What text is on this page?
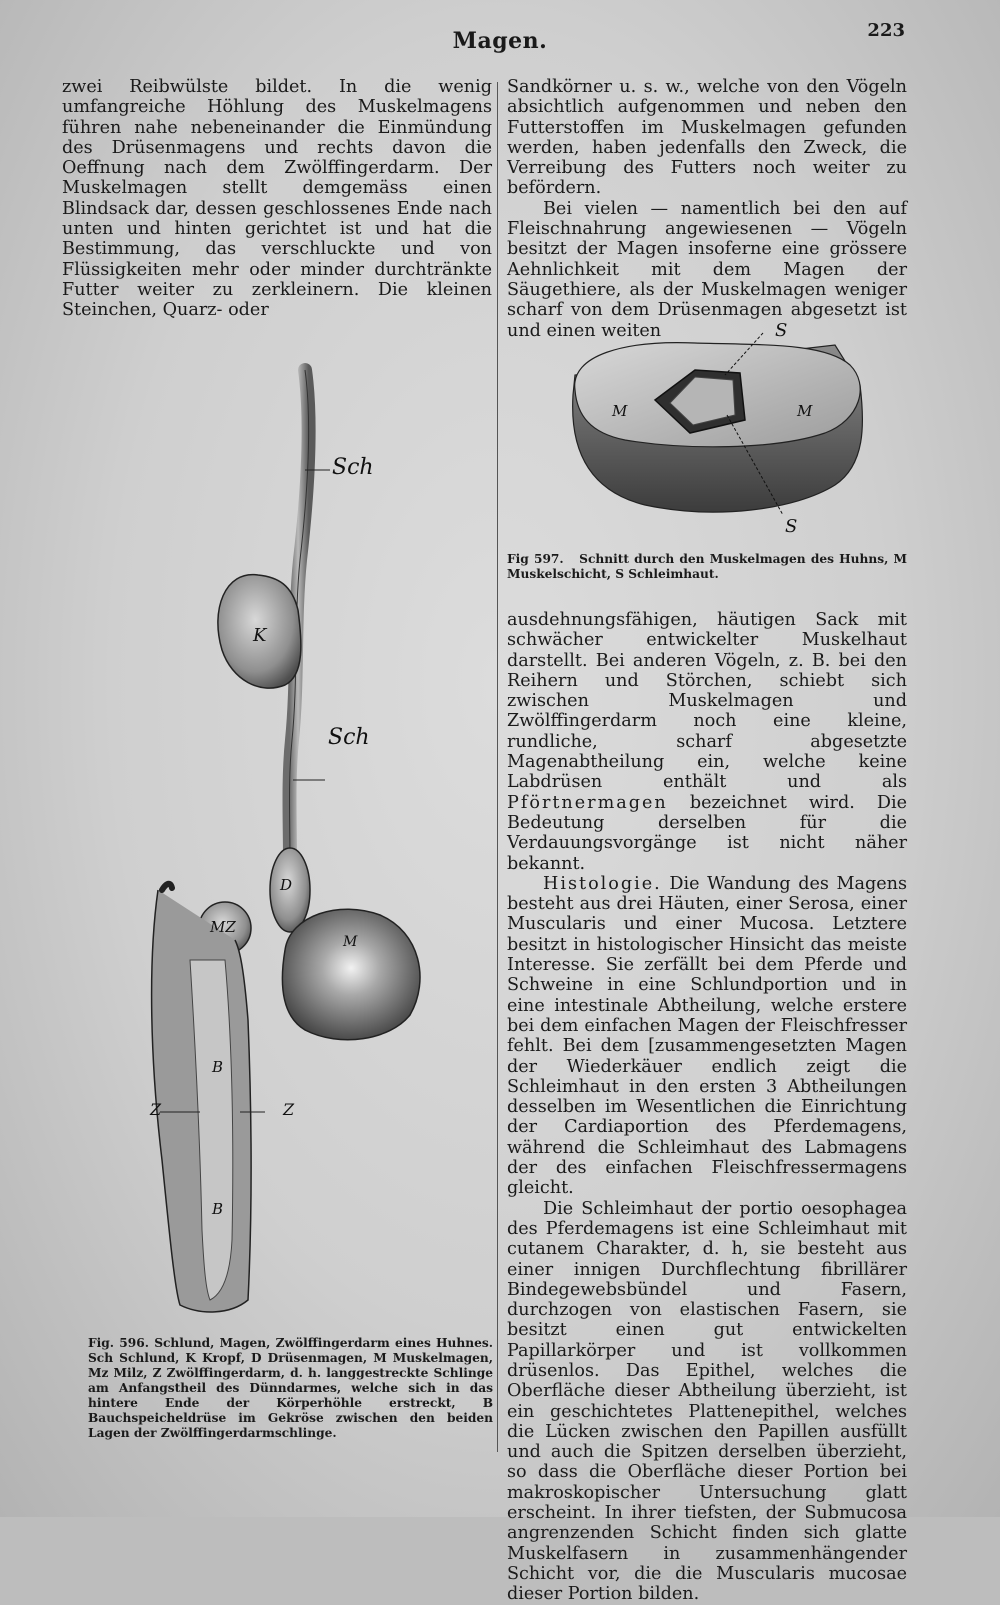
Magen.	223

zwei Reibwülste bildet. In die wenig umfangreiche Höhlung des Muskelmagens führen nahe nebeneinander die Einmündung des Drüsenmagens und rechts davon die Oeffnung nach dem Zwölffingerdarm. Der Muskelmagen stellt demgemäss einen Blindsack dar, dessen geschlossenes Ende nach unten und hinten gerichtet ist und hat die Bestimmung, das verschluckte und von Flüssigkeiten mehr oder minder durchtränkte Futter weiter zu zerkleinern. Die kleinen Steinchen, Quarz- oder

Sch
K
Sch
D
MZ
M
B
Z	Z
B
Fig. 596. Schlund, Magen, Zwölffingerdarm eines Huhnes. Sch Schlund, K Kropf, D Drüsenmagen, M Muskelmagen, Mz Milz, Z Zwölffingerdarm, d. h. langgestreckte Schlinge am Anfangstheil des Dünndarmes, welche sich in das hintere Ende der Körperhöhle erstreckt, B Bauchspeicheldrüse im Gekröse zwischen den beiden Lagen der Zwölffingerdarmschlinge.

Sandkörner u. s. w., welche von den Vögeln absichtlich aufgenommen und neben den Futterstoffen im Muskelmagen gefunden werden, haben jedenfalls den Zweck, die Verreibung des Futters noch weiter zu befördern.

Bei vielen — namentlich bei den auf Fleischnahrung angewiesenen — Vögeln besitzt der Magen insoferne eine grössere Aehnlichkeit mit dem Magen der Säugethiere, als der Muskelmagen weniger scharf von dem Drüsenmagen abgesetzt ist und einen weiten	S
M	M
S
Fig 597. Schnitt durch den Muskelmagen des Huhns, M Muskelschicht, S Schleimhaut.

ausdehnungsfähigen, häutigen Sack mit schwächer entwickelter Muskelhaut darstellt. Bei anderen Vögeln, z. B. bei den Reihern und Störchen, schiebt sich zwischen Muskelmagen und Zwölffingerdarm noch eine kleine, rundliche, scharf abgesetzte Magenabtheilung ein, welche keine Labdrüsen enthält und als Pförtnermagen bezeichnet wird. Die Bedeutung derselben für die Verdauungsvorgänge ist nicht näher bekannt.

Histologie. Die Wandung des Magens besteht aus drei Häuten, einer Serosa, einer Muscularis und einer Mucosa. Letztere besitzt in histologischer Hinsicht das meiste Interesse. Sie zerfällt bei dem Pferde und Schweine in eine Schlundportion und in eine intestinale Abtheilung, welche erstere bei dem einfachen Magen der Fleischfresser fehlt. Bei dem [zusammengesetzten Magen der Wiederkäuer endlich zeigt die Schleimhaut in den ersten 3 Abtheilungen desselben im Wesentlichen die Einrichtung der Cardiaportion des Pferdemagens, während die Schleimhaut des Labmagens der des einfachen Fleischfressermagens gleicht.

Die Schleimhaut der portio oesophagea des Pferdemagens ist eine Schleimhaut mit cutanem Charakter, d. h, sie besteht aus einer innigen Durchflechtung fibrillärer Bindegewebsbündel und Fasern, durchzogen von elastischen Fasern, sie besitzt einen gut entwickelten Papillarkörper und ist vollkommen drüsenlos. Das Epithel, welches die Oberfläche dieser Abtheilung überzieht, ist ein geschichtetes Plattenepithel, welches die Lücken zwischen den Papillen ausfüllt und auch die Spitzen derselben überzieht, so dass die Oberfläche dieser Portion bei makroskopischer Untersuchung glatt erscheint. In ihrer tiefsten, der Submucosa angrenzenden Schicht finden sich glatte Muskelfasern in zusammenhängender Schicht vor, die die Muscularis mucosae dieser Portion bilden.
